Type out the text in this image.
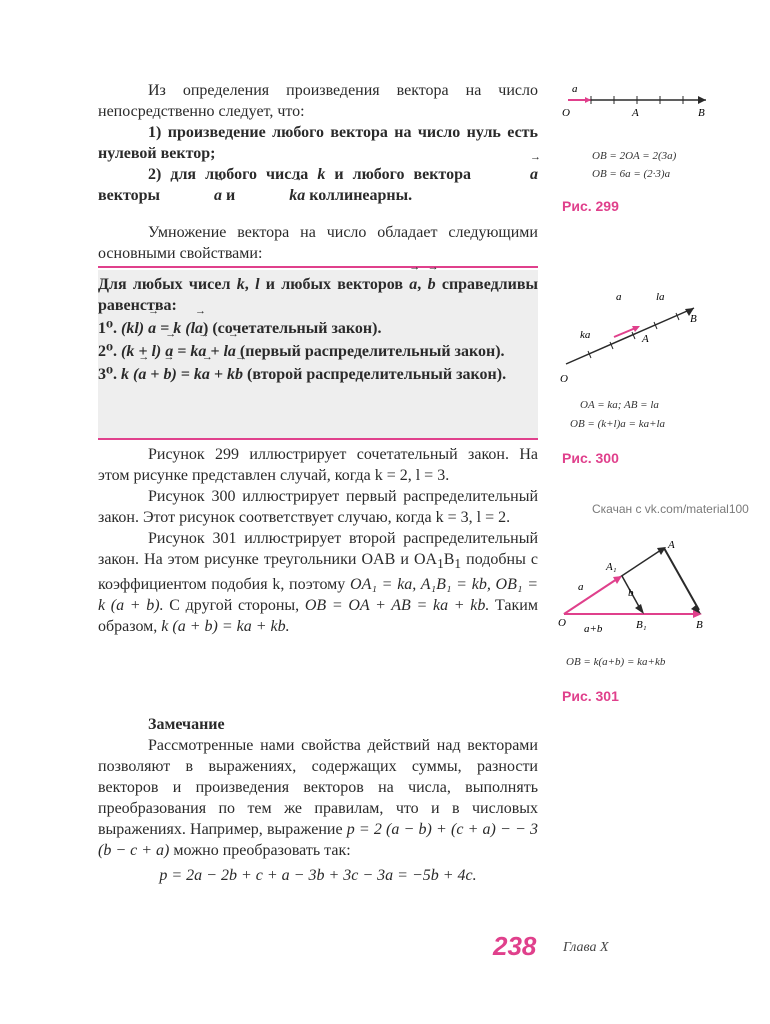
Из определения произведения вектора на число непосредственно следует, что:

1) произведение любого вектора на число нуль есть нулевой вектор;

2) для любого числа k и любого вектора	→ a векторы	→ a и	→ ka коллинеарны.

Умножение вектора на число обладает следующими основными свойствами:

Для любых чисел k, l и любых векторов → a, → b справедливы равенства:

1⁰. (kl) → a = k (l→ a) (сочетательный закон).

2⁰. (k + l) → a = k→ a + l→ a (первый распределительный закон).

3⁰. k (→ a + → b) = k→ a + k→ b (второй распределительный закон).

Рисунок 299 иллюстрирует сочетательный закон. На этом рисунке представлен случай, когда k = 2, l = 3.

Рисунок 300 иллюстрирует первый распределительный закон. Этот рисунок соответствует случаю, когда k = 3, l = 2.

Рисунок 301 иллюстрирует второй распределительный закон. На этом рисунке треугольники OAB и $OA_1B_1$ подобны с коэффициентом подобия k, поэтому OA₁ = ka, A₁B₁ = kb, OB₁ = k (a + b). С другой стороны, OB = OA + AB = ka + kb. Таким образом, k (a + b) = ka + kb.

Замечание

Рассмотренные нами свойства действий над векторами позволяют в выражениях, содержащих суммы, разности векторов и произведения векторов на числа, выполнять преобразования по тем же правилам, что и в числовых выражениях. Например, выражение p = 2 (a − b) + (c + a) − − 3 (b − c + a) можно преобразовать так:

p = 2a − 2b + c + a − 3b + 3c − 3a = −5b + 4c.

a
O	A	B
OB = 2OA = 2(3a)
OB = 6a = (2·3)a
Рис. 299
a	la
ka
O
A
B
OA = ka; AB = la
OB = (k+l)a = ka+la
Рис. 300
Скачан с vk.com/material100
a	b
a+b
O
A
A₁
B₁	B
OB = k(a+b) = ka+kb
Рис. 301
238 Глава X
